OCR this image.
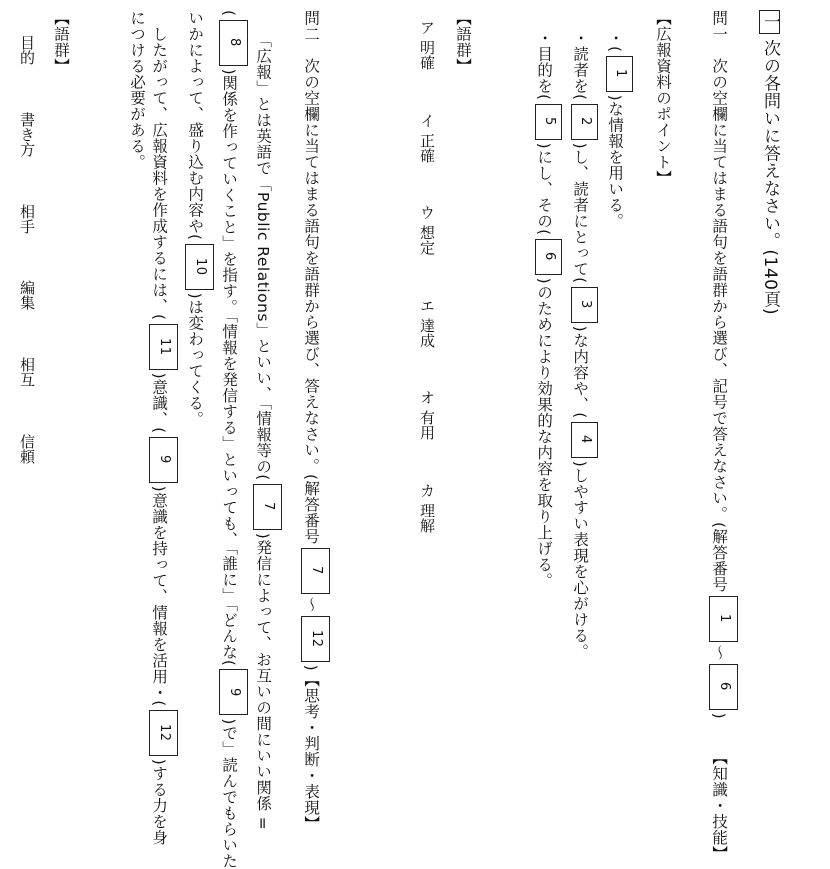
一 次の各問いに答えなさい。(140頁)
問一　次の空欄に当てはまる語句を語群から選び、記号で答えなさい。(解答番号1～6)【知識・技能】
【広報資料のポイント】
・(1)な情報を用いる。
・読者を(2)し、読者にとって(3)な内容や、(4)しやすい表現を心がける。
・目的を(5)にし、その(6)のためにより効果的な内容を取り上げる。
【語群】
ア 明確 イ 正確 ウ 想定 エ 達成 オ 有用 カ 理解
問二　次の空欄に当てはまる語句を語群から選び、答えなさい。(解答番号7～12)【思考・判断・表現】
「広報」とは英語で「Public Relations」といい、「情報等の(7)発信によって、お互いの間にいい関係 =
(8)関係を作っていくこと」を指す。「情報を発信する」といっても、「誰に」「どんな(9)で」読んでもらいた
いかによって、盛り込む内容や(10)は変わってくる。
　したがって、広報資料を作成するには、(11)意識、(9)意識を持って、情報を活用・(12)する力を身
につける必要がある。
【語群】
目的 書き方 相手 編集 相互 信頼
